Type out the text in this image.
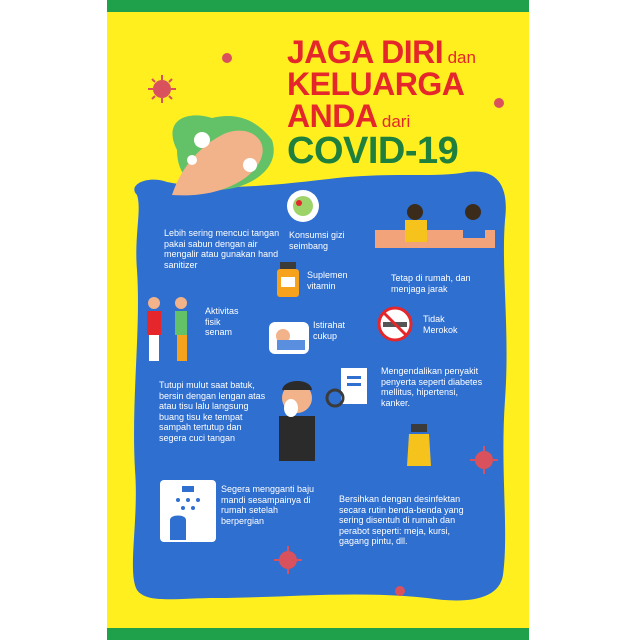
JAGA DIRI dan
KELUARGA
ANDA dari
COVID-19
Lebih sering mencuci tangan pakai sabun dengan air mengalir atau gunakan hand sanitizer
Konsumsi gizi seimbang
Suplemen vitamin
Tetap di rumah, dan menjaga jarak
Aktivitas fisik senam
Istirahat cukup
Tidak Merokok
Tutupi mulut saat batuk, bersin dengan lengan atas atau tisu lalu langsung buang tisu ke tempat sampah tertutup dan segera cuci tangan
Mengendalikan penyakit penyerta seperti diabetes mellitus, hipertensi, kanker.
Segera mengganti baju mandi sesampainya di rumah setelah berpergian
Bersihkan dengan desinfektan secara rutin benda-benda yang sering disentuh di rumah dan perabot seperti: meja, kursi, gagang pintu, dll.
